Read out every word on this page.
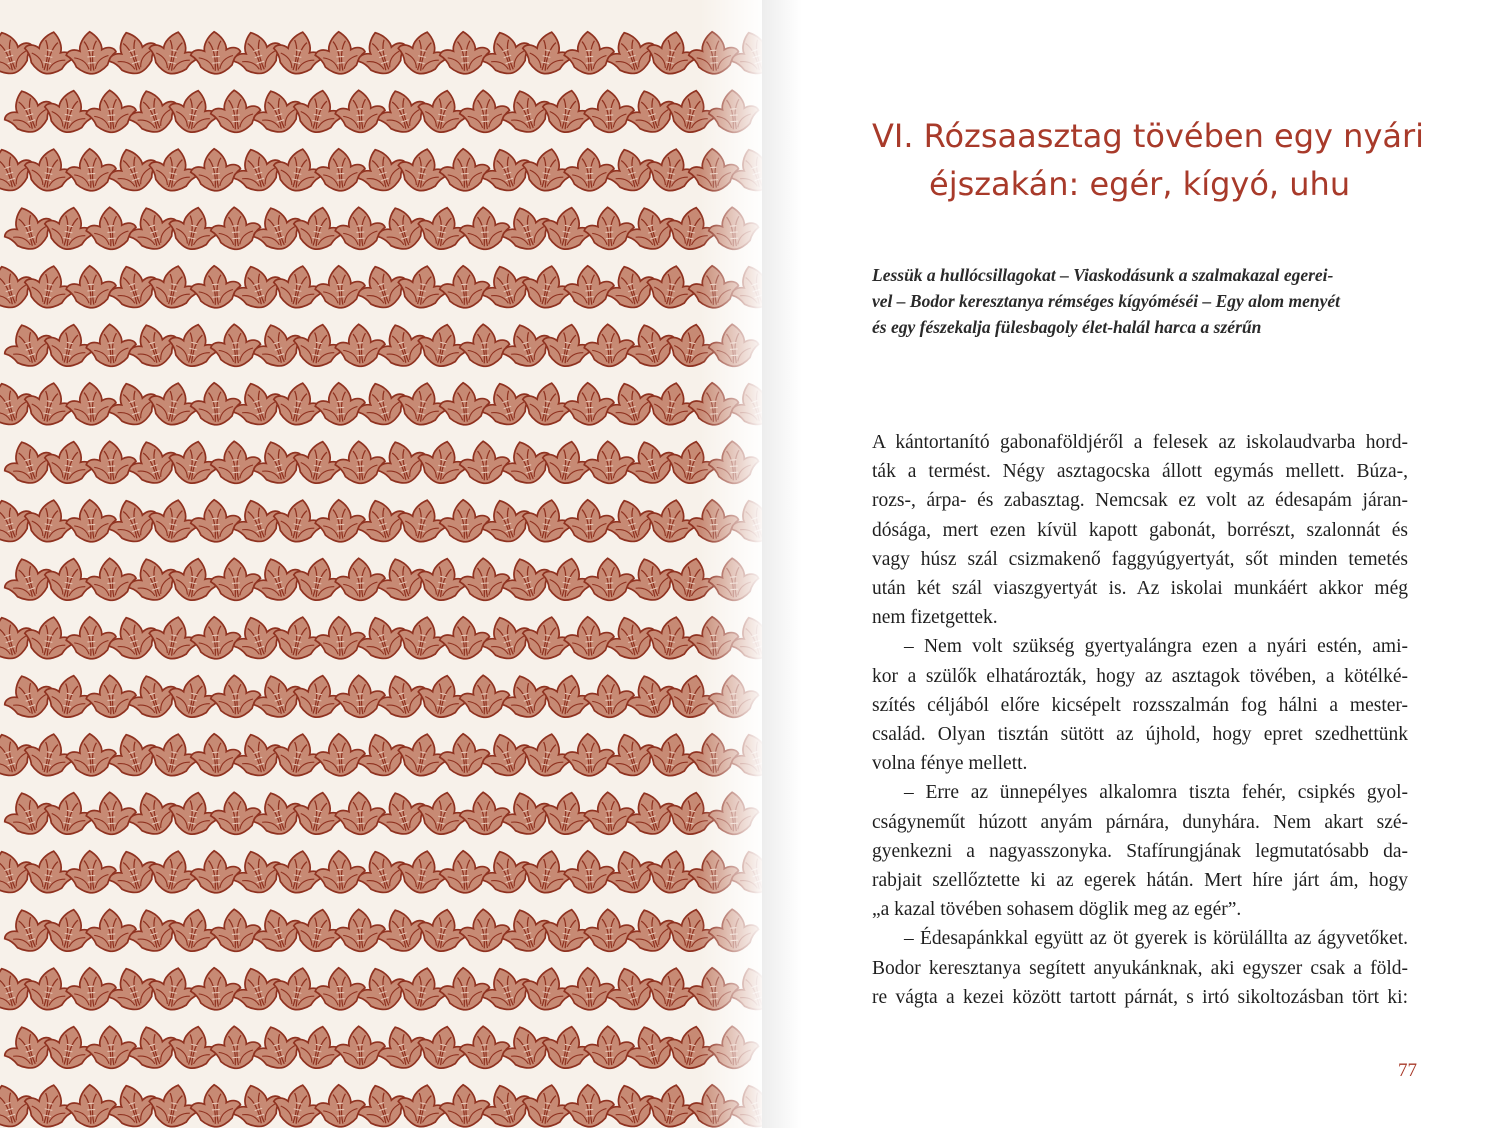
VI. Rózsaasztag tövében egy nyári
éjszakán: egér, kígyó, uhu

Lessük a hullócsillagokat – Viaskodásunk a szalmakazal egerei-
vel – Bodor keresztanya rémséges kígyóméséi – Egy alom menyét
és egy fészekalja fülesbagoly élet-halál harca a szérűn

A kántortanító gabonaföldjéről a felesek az iskolaudvarba hord-
ták a termést. Négy asztagocska állott egymás mellett. Búza-,
rozs-, árpa- és zabasztag. Nemcsak ez volt az édesapám járan-
dósága, mert ezen kívül kapott gabonát, borrészt, szalonnát és
vagy húsz szál csizmakenő faggyúgyertyát, sőt minden temetés
után két szál viaszgyertyát is. Az iskolai munkáért akkor még
nem fizetgettek.
– Nem volt szükség gyertyalángra ezen a nyári estén, ami-
kor a szülők elhatározták, hogy az asztagok tövében, a kötélké-
szítés céljából előre kicsépelt rozsszalmán fog hálni a mester-
család. Olyan tisztán sütött az újhold, hogy epret szedhettünk
volna fénye mellett.
– Erre az ünnepélyes alkalomra tiszta fehér, csipkés gyol-
cságyneműt húzott anyám párnára, dunyhára. Nem akart szé-
gyenkezni a nagyasszonyka. Stafírungjának legmutatósabb da-
rabjait szellőztette ki az egerek hátán. Mert híre járt ám, hogy
„a kazal tövében sohasem döglik meg az egér”.
– Édesapánkkal együtt az öt gyerek is körülállta az ágyvetőket.
Bodor keresztanya segített anyukánknak, aki egyszer csak a föld-
re vágta a kezei között tartott párnát, s irtó sikoltozásban tört ki:
77
